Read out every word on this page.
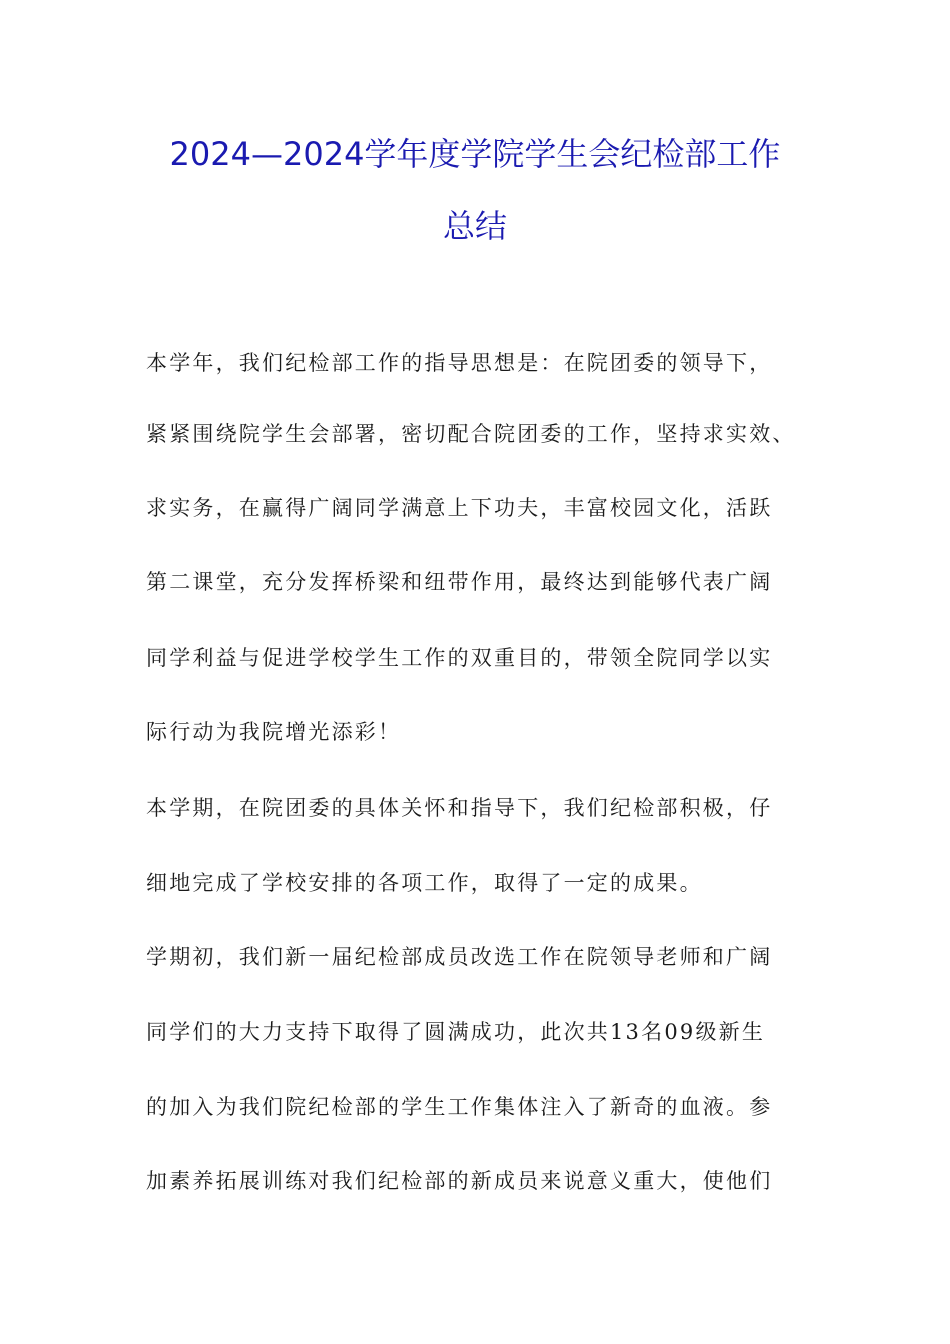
2024—2024学年度学院学生会纪检部工作
总结
本学年，我们纪检部工作的指导思想是：在院团委的领导下，
紧紧围绕院学生会部署，密切配合院团委的工作，坚持求实效、
求实务，在赢得广阔同学满意上下功夫，丰富校园文化，活跃
第二课堂，充分发挥桥梁和纽带作用，最终达到能够代表广阔
同学利益与促进学校学生工作的双重目的，带领全院同学以实
际行动为我院增光添彩！
本学期，在院团委的具体关怀和指导下，我们纪检部积极，仔
细地完成了学校安排的各项工作，取得了一定的成果。
学期初，我们新一届纪检部成员改选工作在院领导老师和广阔
同学们的大力支持下取得了圆满成功，此次共13名09级新生
的加入为我们院纪检部的学生工作集体注入了新奇的血液。参
加素养拓展训练对我们纪检部的新成员来说意义重大，使他们
